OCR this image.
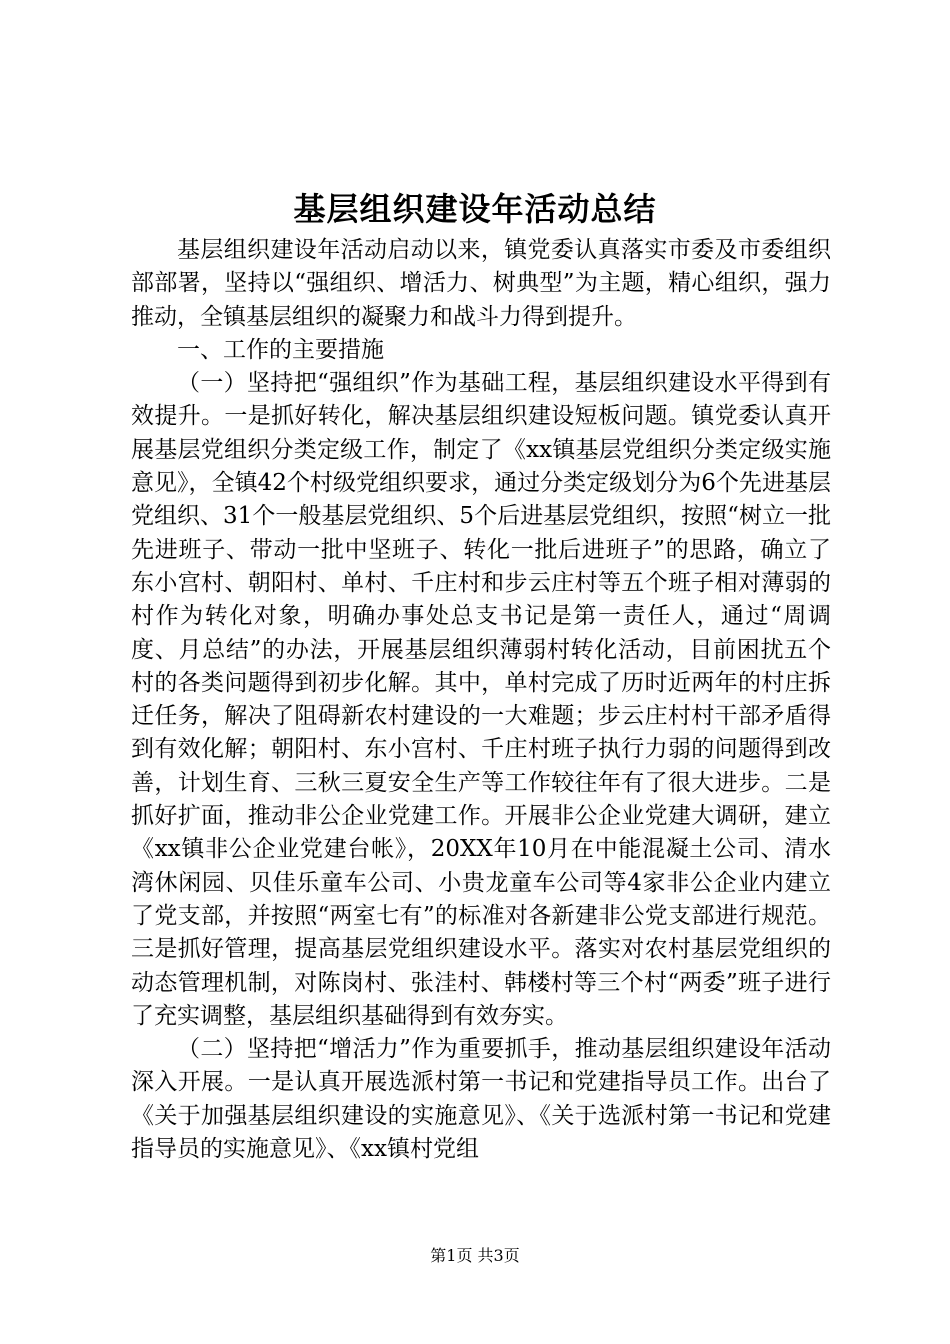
基层组织建设年活动总结

基层组织建设年活动启动以来，镇党委认真落实市委及市委组织部部署，坚持以“强组织、增活力、树典型”为主题，精心组织，强力推动，全镇基层组织的凝聚力和战斗力得到提升。

一、工作的主要措施

（一）坚持把“强组织”作为基础工程，基层组织建设水平得到有效提升。一是抓好转化，解决基层组织建设短板问题。镇党委认真开展基层党组织分类定级工作，制定了《xx镇基层党组织分类定级实施意见》，全镇42个村级党组织要求，通过分类定级划分为6个先进基层党组织、31个一般基层党组织、5个后进基层党组织，按照“树立一批先进班子、带动一批中坚班子、转化一批后进班子”的思路，确立了东小宫村、朝阳村、单村、千庄村和步云庄村等五个班子相对薄弱的村作为转化对象，明确办事处总支书记是第一责任人，通过“周调度、月总结”的办法，开展基层组织薄弱村转化活动，目前困扰五个村的各类问题得到初步化解。其中，单村完成了历时近两年的村庄拆迁任务，解决了阻碍新农村建设的一大难题；步云庄村村干部矛盾得到有效化解；朝阳村、东小宫村、千庄村班子执行力弱的问题得到改善，计划生育、三秋三夏安全生产等工作较往年有了很大进步。二是抓好扩面，推动非公企业党建工作。开展非公企业党建大调研，建立《xx镇非公企业党建台帐》，20XX年10月在中能混凝土公司、清水湾休闲园、贝佳乐童车公司、小贵龙童车公司等4家非公企业内建立了党支部，并按照“两室七有”的标准对各新建非公党支部进行规范。三是抓好管理，提高基层党组织建设水平。落实对农村基层党组织的动态管理机制，对陈岗村、张洼村、韩楼村等三个村“两委”班子进行了充实调整，基层组织基础得到有效夯实。

（二）坚持把“增活力”作为重要抓手，推动基层组织建设年活动深入开展。一是认真开展选派村第一书记和党建指导员工作。出台了《关于加强基层组织建设的实施意见》、《关于选派村第一书记和党建指导员的实施意见》、《xx镇村党组

第1页 共3页
